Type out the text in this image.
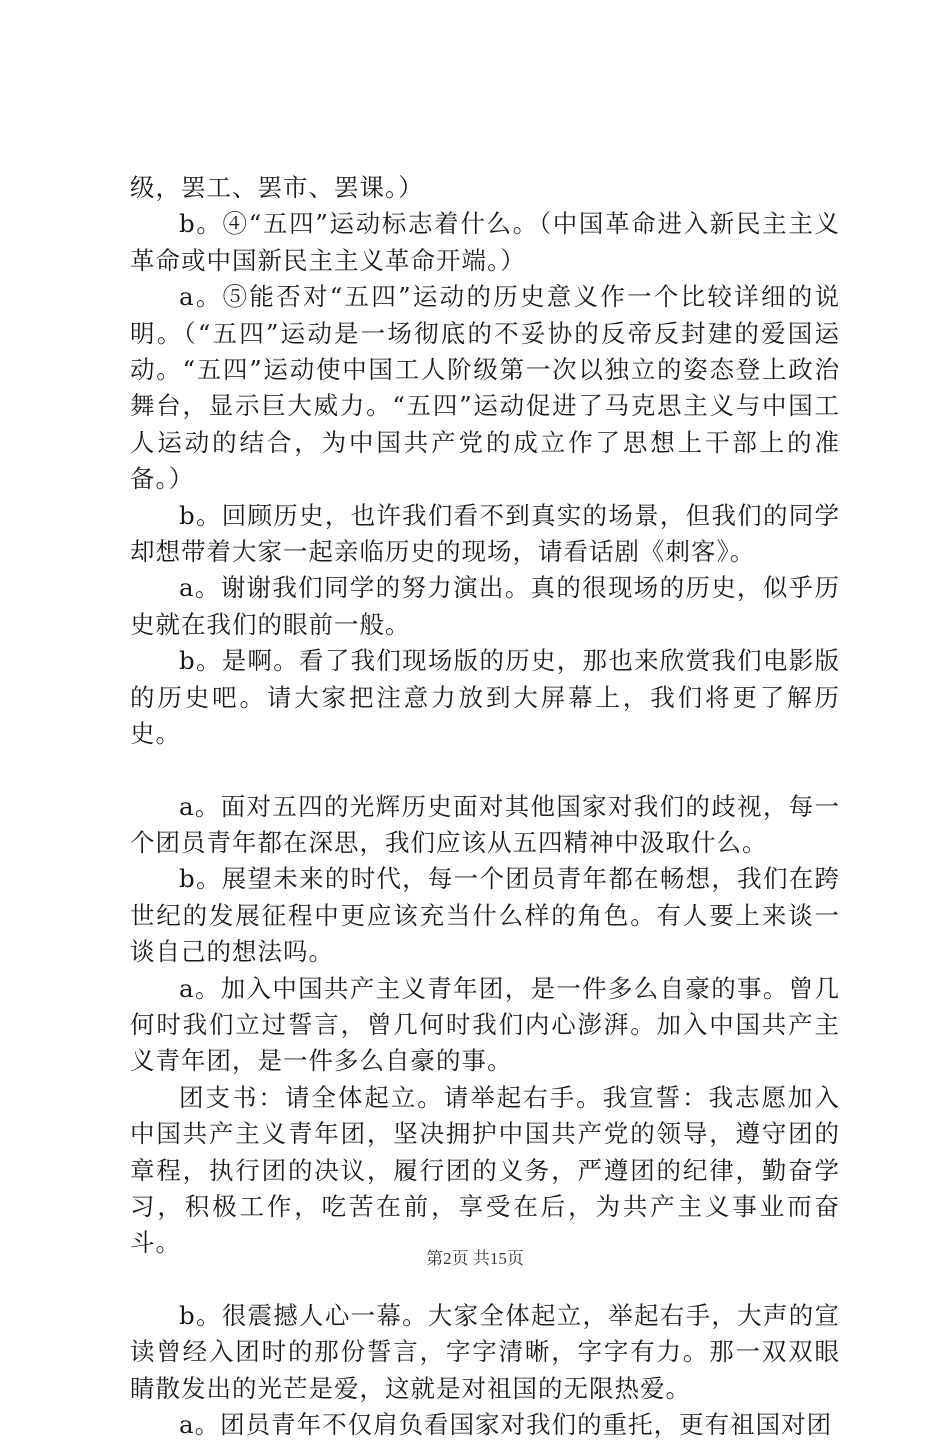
级，罢工、罢市、罢课。）

b。④“五四”运动标志着什么。（中国革命进入新民主主义革命或中国新民主主义革命开端。）

a。⑤能否对“五四”运动的历史意义作一个比较详细的说明。（“五四”运动是一场彻底的不妥协的反帝反封建的爱国运动。“五四”运动使中国工人阶级第一次以独立的姿态登上政治舞台，显示巨大威力。“五四”运动促进了马克思主义与中国工人运动的结合，为中国共产党的成立作了思想上干部上的准备。）

b。回顾历史，也许我们看不到真实的场景，但我们的同学却想带着大家一起亲临历史的现场，请看话剧《刺客》。

a。谢谢我们同学的努力演出。真的很现场的历史，似乎历史就在我们的眼前一般。

b。是啊。看了我们现场版的历史，那也来欣赏我们电影版的历史吧。请大家把注意力放到大屏幕上，我们将更了解历史。

a。面对五四的光辉历史面对其他国家对我们的歧视，每一个团员青年都在深思，我们应该从五四精神中汲取什么。

b。展望未来的时代，每一个团员青年都在畅想，我们在跨世纪的发展征程中更应该充当什么样的角色。有人要上来谈一谈自己的想法吗。

a。加入中国共产主义青年团，是一件多么自豪的事。曾几何时我们立过誓言，曾几何时我们内心澎湃。加入中国共产主义青年团，是一件多么自豪的事。

团支书：请全体起立。请举起右手。我宣誓：我志愿加入中国共产主义青年团，坚决拥护中国共产党的领导，遵守团的章程，执行团的决议，履行团的义务，严遵团的纪律，勤奋学习，积极工作，吃苦在前，享受在后，为共产主义事业而奋斗。

b。很震撼人心一幕。大家全体起立，举起右手，大声的宣读曾经入团时的那份誓言，字字清晰，字字有力。那一双双眼睛散发出的光芒是爱，这就是对祖国的无限热爱。

a。团员青年不仅肩负看国家对我们的重托，更有祖国对团

第2页 共15页
